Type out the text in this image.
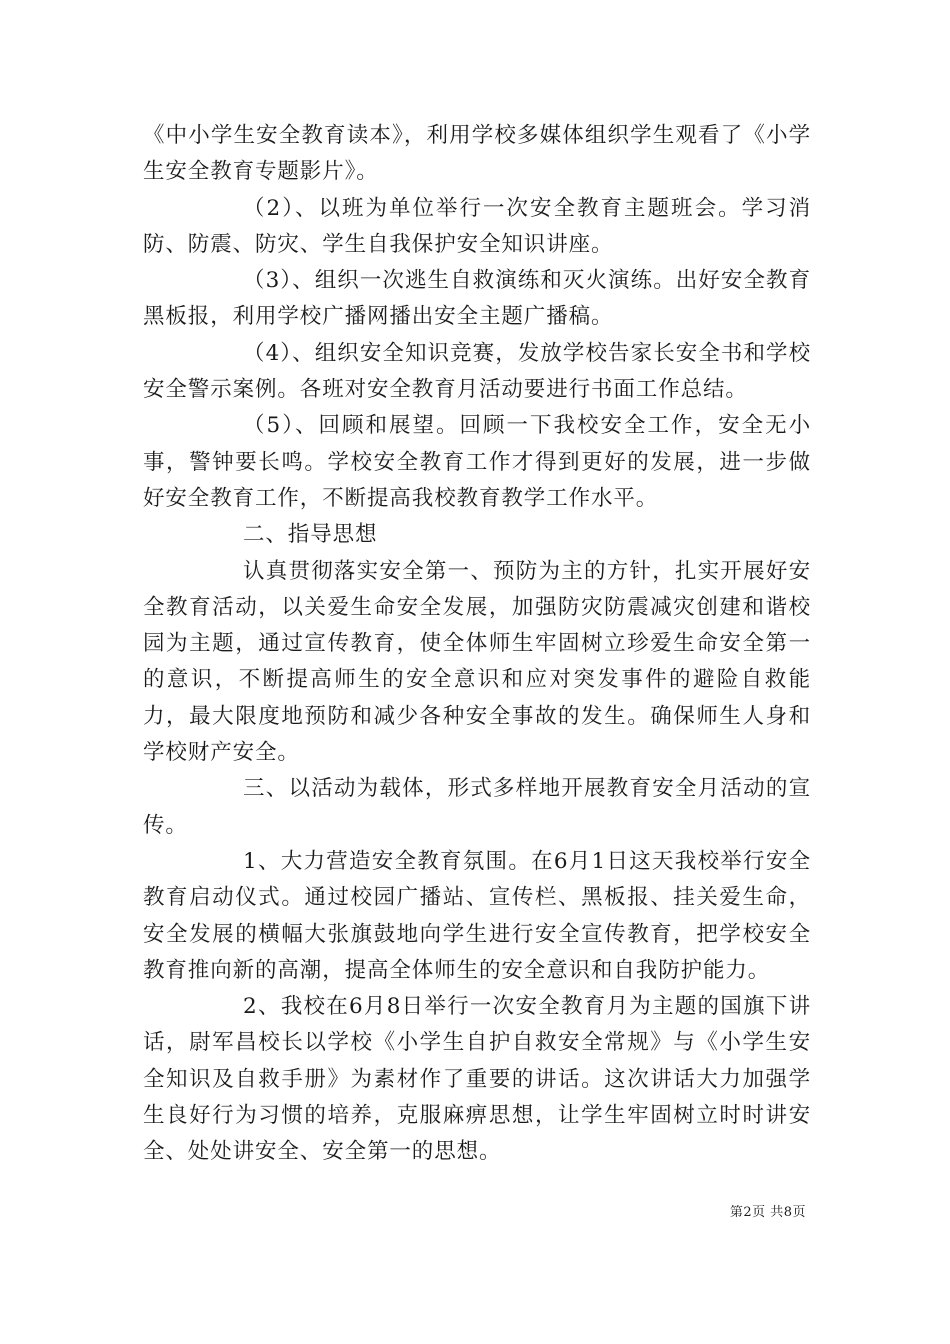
《中小学生安全教育读本》，利用学校多媒体组织学生观看了《小学生安全教育专题影片》。

（2）、以班为单位举行一次安全教育主题班会。学习消防、防震、防灾、学生自我保护安全知识讲座。

（3）、组织一次逃生自救演练和灭火演练。出好安全教育黑板报，利用学校广播网播出安全主题广播稿。

（4）、组织安全知识竞赛，发放学校告家长安全书和学校安全警示案例。各班对安全教育月活动要进行书面工作总结。

（5）、回顾和展望。回顾一下我校安全工作，安全无小事，警钟要长鸣。学校安全教育工作才得到更好的发展，进一步做好安全教育工作，不断提高我校教育教学工作水平。

二、指导思想

认真贯彻落实安全第一、预防为主的方针，扎实开展好安全教育活动，以关爱生命安全发展，加强防灾防震减灾创建和谐校园为主题，通过宣传教育，使全体师生牢固树立珍爱生命安全第一的意识，不断提高师生的安全意识和应对突发事件的避险自救能力，最大限度地预防和减少各种安全事故的发生。确保师生人身和学校财产安全。

三、以活动为载体，形式多样地开展教育安全月活动的宣传。

1、大力营造安全教育氛围。在6月1日这天我校举行安全教育启动仪式。通过校园广播站、宣传栏、黑板报、挂关爱生命，安全发展的横幅大张旗鼓地向学生进行安全宣传教育，把学校安全教育推向新的高潮，提高全体师生的安全意识和自我防护能力。

2、我校在6月8日举行一次安全教育月为主题的国旗下讲话，尉军昌校长以学校《小学生自护自救安全常规》与《小学生安全知识及自救手册》为素材作了重要的讲话。这次讲话大力加强学生良好行为习惯的培养，克服麻痹思想，让学生牢固树立时时讲安全、处处讲安全、安全第一的思想。

第2页 共8页
